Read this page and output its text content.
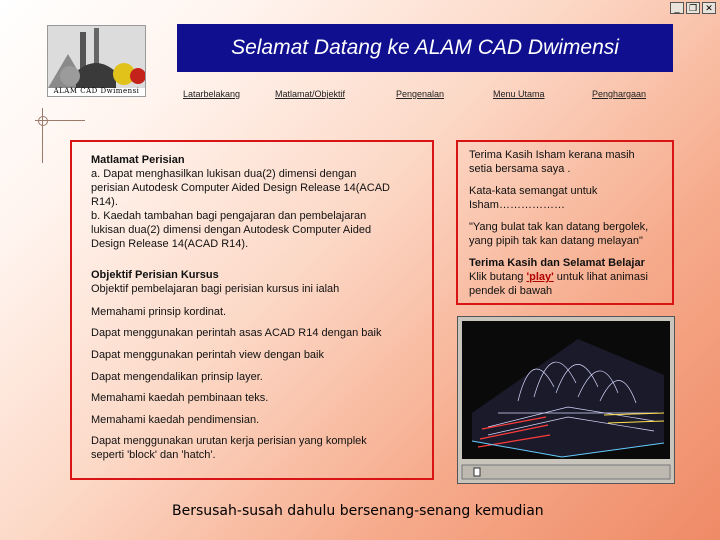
_	❐ ✕
ALAM CAD Dwimensi
Selamat Datang ke ALAM CAD Dwimensi
Latarbelakang	Matlamat/Objektif	Pengenalan	Menu Utama	Penghargaan
Matlamat Perisian
a. Dapat menghasilkan lukisan dua(2) dimensi dengan
perisian Autodesk Computer Aided Design Release 14(ACAD
R14).
b. Kaedah tambahan bagi pengajaran dan pembelajaran
lukisan dua(2) dimensi dengan Autodesk Computer Aided
Design Release 14(ACAD R14).
Objektif Perisian Kursus
Objektif pembelajaran bagi perisian kursus ini ialah
Memahami prinsip kordinat.
Dapat menggunakan perintah asas ACAD R14 dengan baik
Dapat menggunakan perintah view dengan baik
Dapat mengendalikan prinsip layer.
Memahami kaedah pembinaan teks.
Memahami kaedah pendimensian.
Dapat menggunakan urutan kerja perisian yang komplek
seperti 'block' dan 'hatch'.
Terima Kasih Isham kerana masih
setia bersama saya .
Kata-kata semangat untuk
Isham………………
"Yang bulat tak kan datang bergolek,
yang pipih tak kan datang melayan"
Terima Kasih dan Selamat Belajar
Klik butang 'play' untuk lihat animasi
pendek di bawah
Bersusah-susah dahulu bersenang-senang kemudian
